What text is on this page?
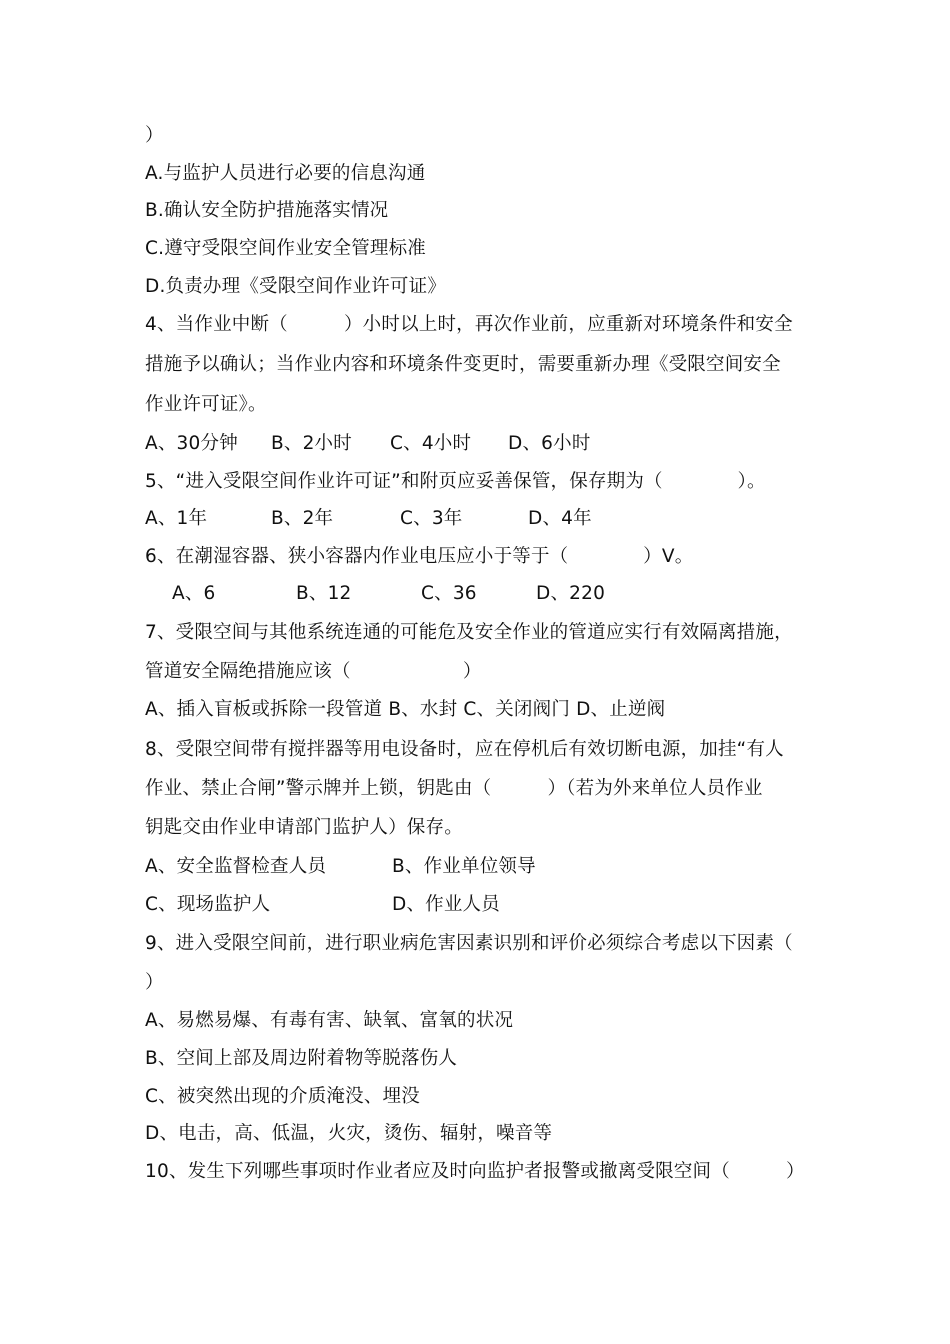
）
A.与监护人员进行必要的信息沟通
B.确认安全防护措施落实情况
C.遵守受限空间作业安全管理标准
D.负责办理《受限空间作业许可证》
4、当作业中断（　　　）小时以上时，再次作业前，应重新对环境条件和安全
措施予以确认；当作业内容和环境条件变更时，需要重新办理《受限空间安全
作业许可证》。
A、30分钟 B、2小时 C、4小时 D、6小时
5、“进入受限空间作业许可证”和附页应妥善保管，保存期为（　　　　）。
A、1年	B、2年	C、3年	D、4年
6、在潮湿容器、狭小容器内作业电压应小于等于（　　　　）V。
A、6	B、12	C、36	D、220
7、受限空间与其他系统连通的可能危及安全作业的管道应实行有效隔离措施，
管道安全隔绝措施应该（　　　　　　）
A、插入盲板或拆除一段管道 B、水封 C、关闭阀门 D、止逆阀
8、受限空间带有搅拌器等用电设备时，应在停机后有效切断电源，加挂“有人
作业、禁止合闸”警示牌并上锁，钥匙由（　　　）（若为外来单位人员作业
钥匙交由作业申请部门监护人）保存。
A、安全监督检查人员	B、作业单位领导
C、现场监护人	D、作业人员
9、进入受限空间前，进行职业病危害因素识别和评价必须综合考虑以下因素（
）
A、易燃易爆、有毒有害、缺氧、富氧的状况
B、空间上部及周边附着物等脱落伤人
C、被突然出现的介质淹没、埋没
D、电击，高、低温，火灾，烫伤、辐射，噪音等
10、发生下列哪些事项时作业者应及时向监护者报警或撤离受限空间（　　　）
